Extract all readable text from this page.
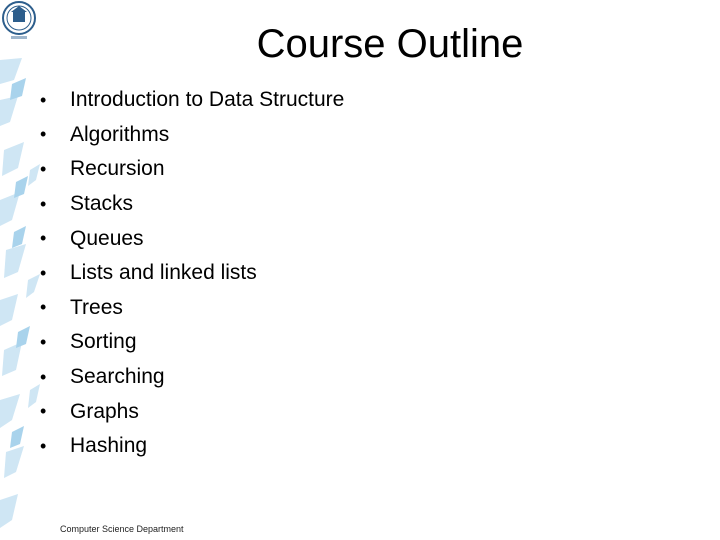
Course Outline
•	Introduction to Data Structure
•	Algorithms
•	Recursion
•	Stacks
•	Queues
•	Lists and linked lists
•	Trees
•	Sorting
•	Searching
•	Graphs
•	Hashing
Computer Science Department
